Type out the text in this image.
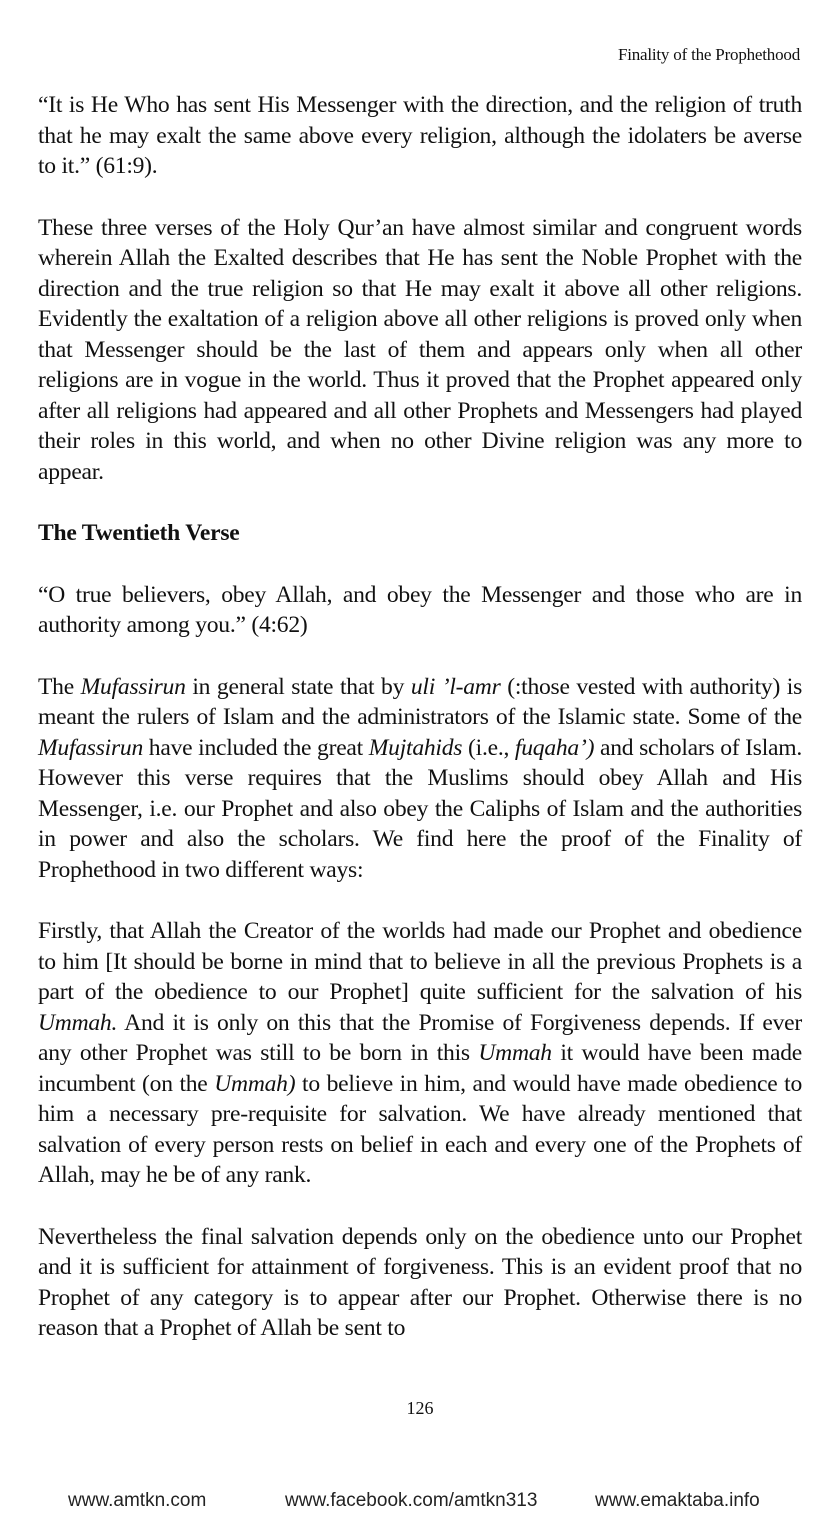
Finality of the Prophethood

“It is He Who has sent His Messenger with the direction, and the religion of truth that he may exalt the same above every religion, although the idolaters be averse to it.” (61:9).

These three verses of the Holy Qur’an have almost similar and congruent words wherein Allah the Exalted describes that He has sent the Noble Prophet with the direction and the true religion so that He may exalt it above all other religions. Evidently the exaltation of a religion above all other religions is proved only when that Messenger should be the last of them and appears only when all other religions are in vogue in the world. Thus it proved that the Prophet appeared only after all religions had appeared and all other Prophets and Messengers had played their roles in this world, and when no other Divine religion was any more to appear.

The Twentieth Verse

“O true believers, obey Allah, and obey the Messenger and those who are in authority among you.” (4:62)

The Mufassirun in general state that by uli ’l-amr (:those vested with authority) is meant the rulers of Islam and the administrators of the Islamic state. Some of the Mufassirun have included the great Mujtahids (i.e., fuqaha’) and scholars of Islam. However this verse requires that the Muslims should obey Allah and His Messenger, i.e. our Prophet and also obey the Caliphs of Islam and the authorities in power and also the scholars. We find here the proof of the Finality of Prophethood in two different ways:

Firstly, that Allah the Creator of the worlds had made our Prophet and obedience to him [It should be borne in mind that to believe in all the previous Prophets is a part of the obedience to our Prophet] quite sufficient for the salvation of his Ummah. And it is only on this that the Promise of Forgiveness depends. If ever any other Prophet was still to be born in this Ummah it would have been made incumbent (on the Ummah) to believe in him, and would have made obedience to him a necessary pre-requisite for salvation. We have already mentioned that salvation of every person rests on belief in each and every one of the Prophets of Allah, may he be of any rank.

Nevertheless the final salvation depends only on the obedience unto our Prophet and it is sufficient for attainment of forgiveness. This is an evident proof that no Prophet of any category is to appear after our Prophet. Otherwise there is no reason that a Prophet of Allah be sent to

126
www.amtkn.com	www.facebook.com/amtkn313	www.emaktaba.info
